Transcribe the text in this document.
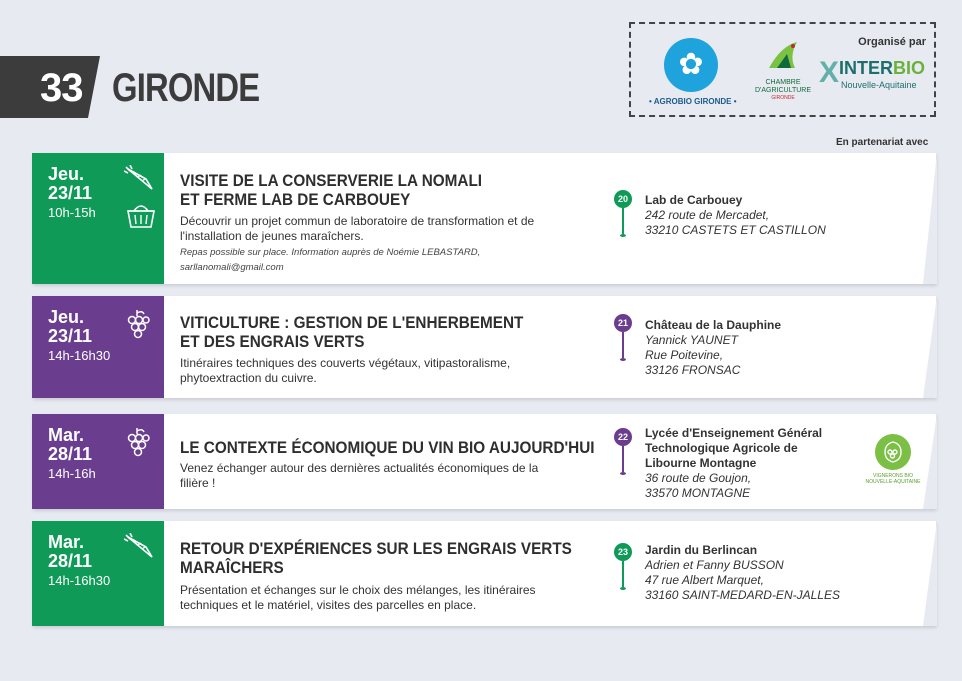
33 GIRONDE
Organisé par
✿
• AGROBIO GIRONDE •
CHAMBRE
D'AGRICULTURE
GIRONDE
X INTERBIO
Nouvelle-Aquitaine
En partenariat avec
Jeu.
23/11
10h-15h
VISITE DE LA CONSERVERIE LA NOMALI
ET FERME LAB DE CARBOUEY
Découvrir un projet commun de laboratoire de transformation et de l'installation de jeunes maraîchers.
Repas possible sur place. Information auprès de Noémie LEBASTARD, sarllanomali@gmail.com
20	Lab de Carbouey
242 route de Mercadet,
33210 CASTETS ET CASTILLON
Jeu.
23/11
14h-16h30
VITICULTURE : GESTION DE L'ENHERBEMENT
ET DES ENGRAIS VERTS
Itinéraires techniques des couverts végétaux, vitipastoralisme, phytoextraction du cuivre.
21	Château de la Dauphine
Yannick YAUNET
Rue Poitevine,
33126 FRONSAC
Mar.
28/11
14h-16h
LE CONTEXTE ÉCONOMIQUE DU VIN BIO AUJOURD'HUI
Venez échanger autour des dernières actualités économiques de la filière !
22	Lycée d'Enseignement Général
Technologique Agricole de
Libourne Montagne
36 route de Goujon,
33570 MONTAGNE
VIGNERONS BIO NOUVELLE-AQUITAINE
Mar.
28/11
14h-16h30
RETOUR D'EXPÉRIENCES SUR LES ENGRAIS VERTS
MARAÎCHERS
Présentation et échanges sur le choix des mélanges, les itinéraires techniques et le matériel, visites des parcelles en place.
23	Jardin du Berlincan
Adrien et Fanny BUSSON
47 rue Albert Marquet,
33160 SAINT-MEDARD-EN-JALLES
